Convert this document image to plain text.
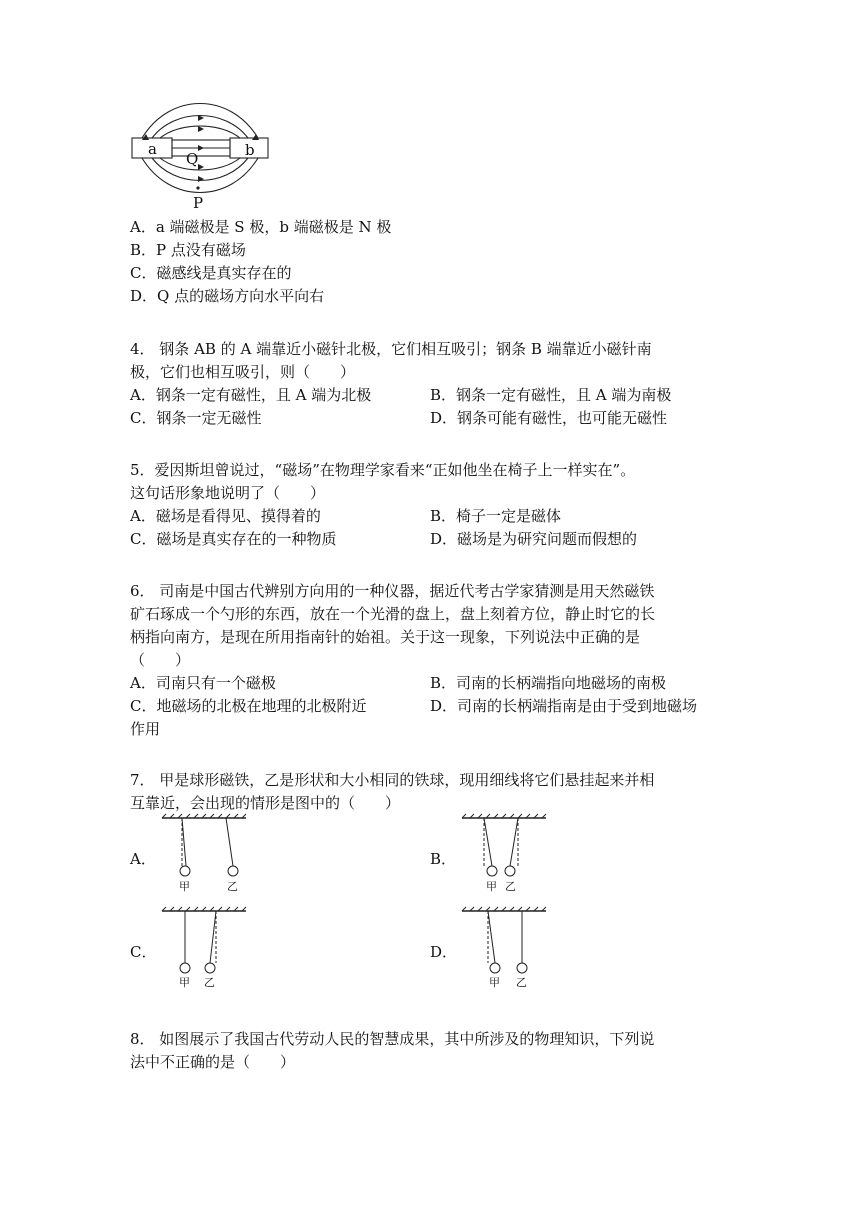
a	b
Q
P
A．a 端磁极是 S 极，b 端磁极是 N 极
B．P 点没有磁场
C．磁感线是真实存在的
D．Q 点的磁场方向水平向右
4． 钢条 AB 的 A 端靠近小磁针北极，它们相互吸引；钢条 B 端靠近小磁针南
极，它们也相互吸引，则（　　）
A．钢条一定有磁性，且 A 端为北极	B．钢条一定有磁性，且 A 端为南极
C．钢条一定无磁性	D．钢条可能有磁性，也可能无磁性
5．爱因斯坦曾说过，“磁场”在物理学家看来“正如他坐在椅子上一样实在”。
这句话形象地说明了（　　）
A．磁场是看得见、摸得着的	B．椅子一定是磁体
C．磁场是真实存在的一种物质	D．磁场是为研究问题而假想的
6． 司南是中国古代辨别方向用的一种仪器，据近代考古学家猜测是用天然磁铁
矿石琢成一个勺形的东西，放在一个光滑的盘上，盘上刻着方位，静止时它的长
柄指向南方，是现在所用指南针的始祖。关于这一现象，下列说法中正确的是
（　　）
A．司南只有一个磁极	B．司南的长柄端指向地磁场的南极
C．地磁场的北极在地理的北极附近	D．司南的长柄端指南是由于受到地磁场
作用
7． 甲是球形磁铁，乙是形状和大小相同的铁球，现用细线将它们悬挂起来并相
互靠近，会出现的情形是图中的（　　）
A．	B．
C．	D．
甲	乙	甲 乙
甲 乙	甲 乙
8． 如图展示了我国古代劳动人民的智慧成果，其中所涉及的物理知识，下列说
法中不正确的是（　　）
